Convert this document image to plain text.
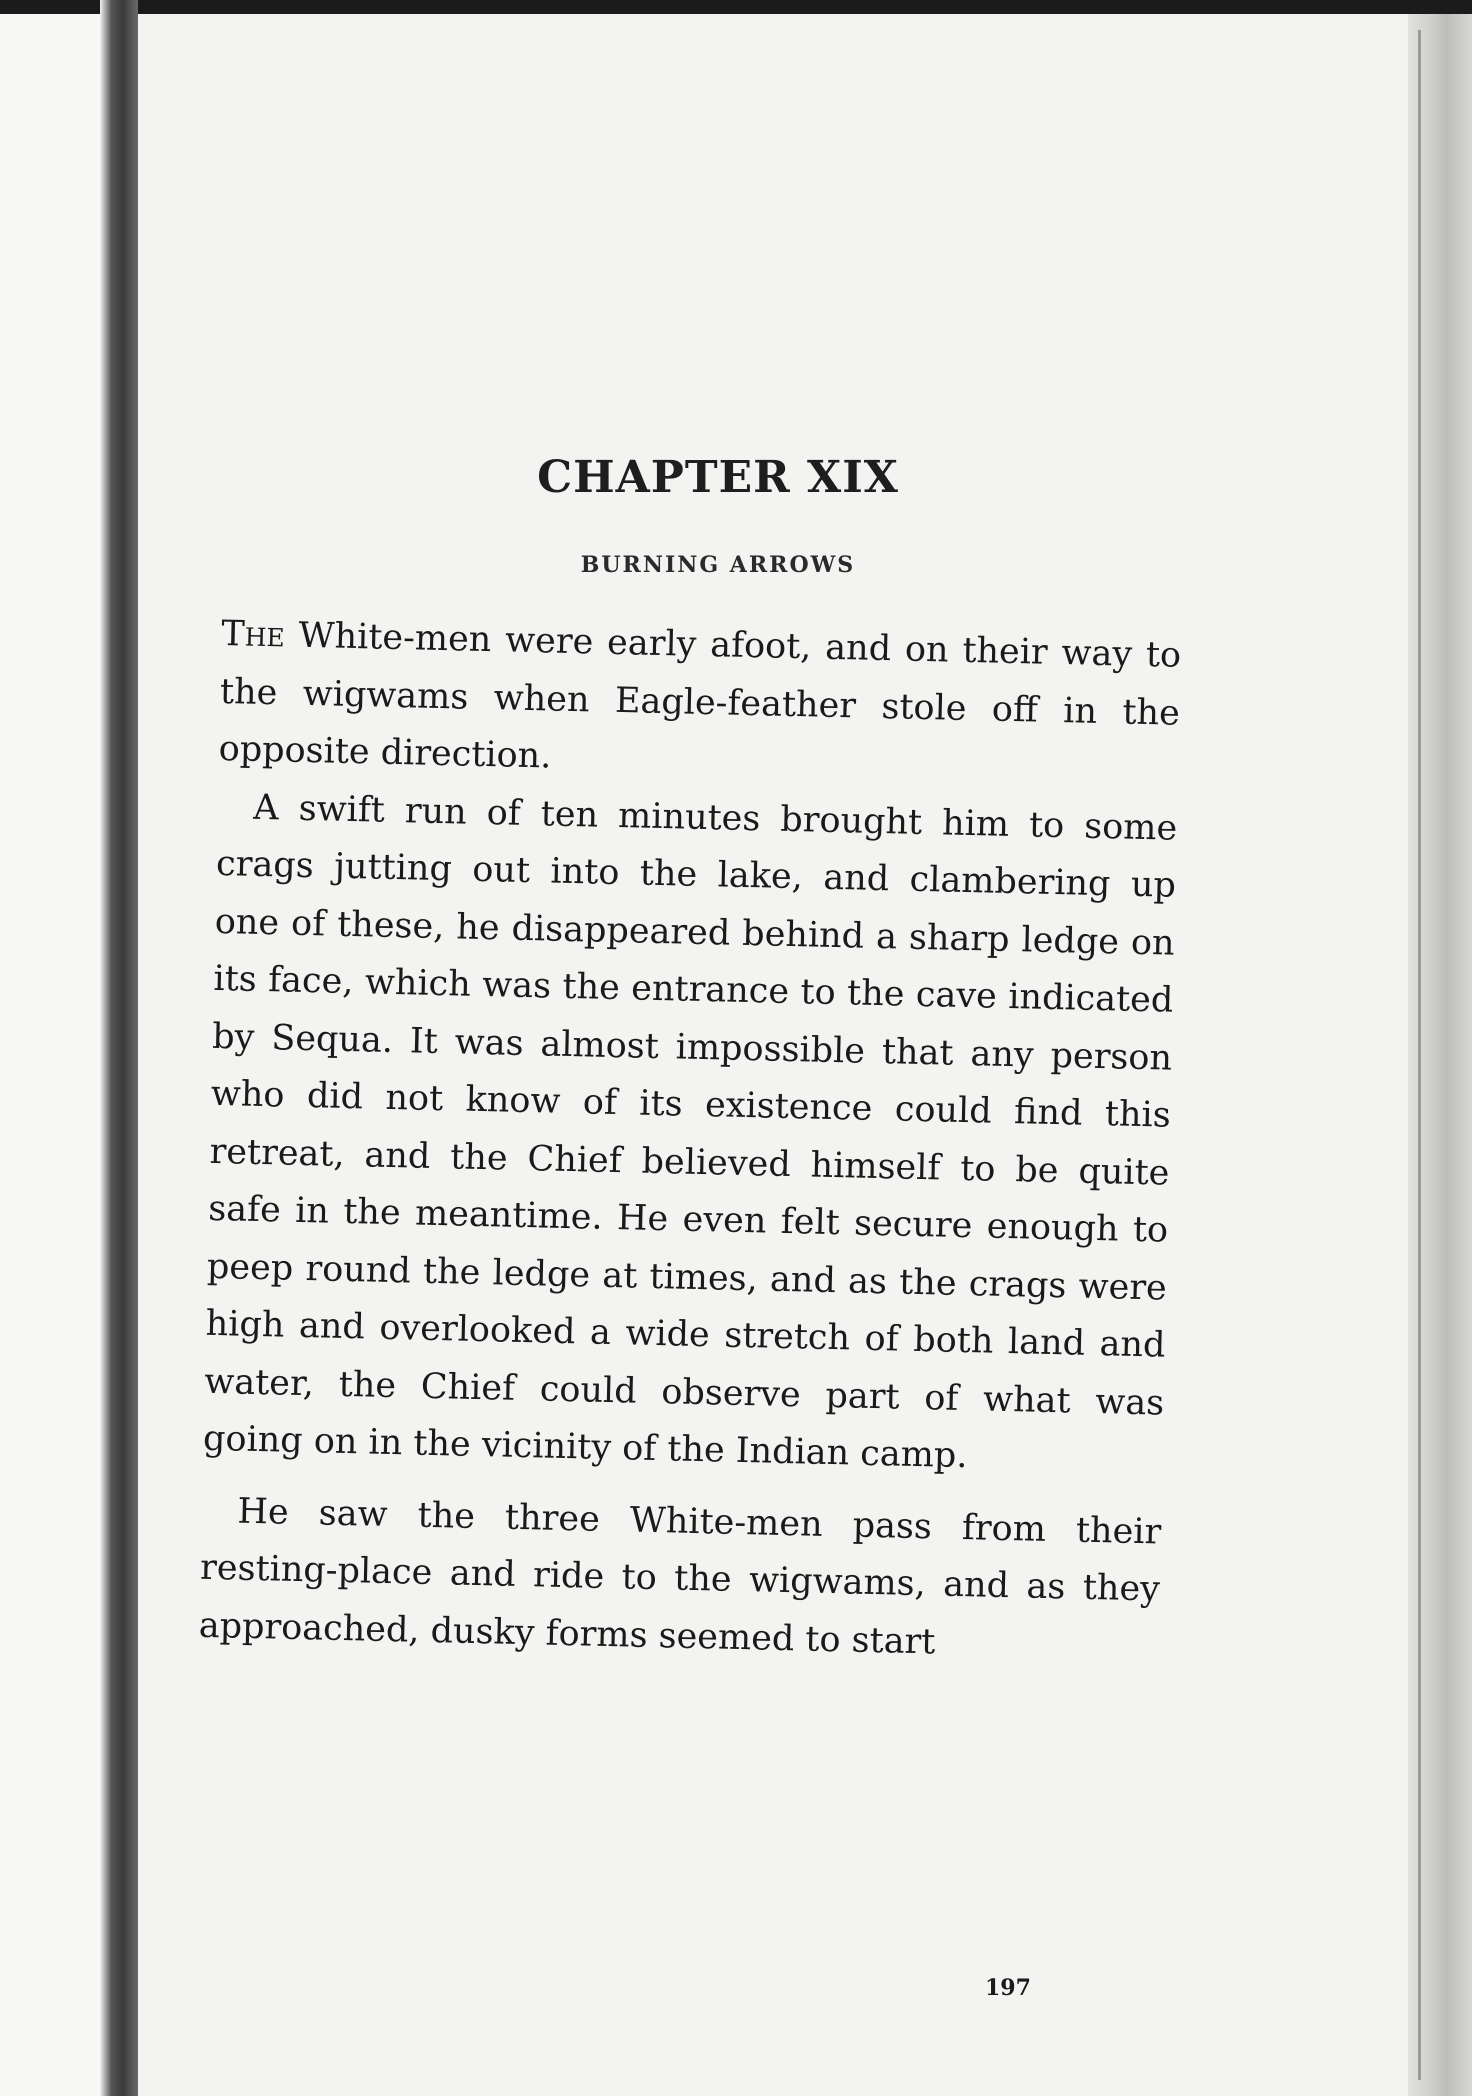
CHAPTER XIX
BURNING ARROWS

The White-men were early afoot, and on their way to the wigwams when Eagle-feather stole off in the opposite direction.

A swift run of ten minutes brought him to some crags jutting out into the lake, and clambering up one of these, he disappeared behind a sharp ledge on its face, which was the entrance to the cave indicated by Sequa. It was almost impossible that any person who did not know of its existence could find this retreat, and the Chief believed himself to be quite safe in the meantime. He even felt secure enough to peep round the ledge at times, and as the crags were high and overlooked a wide stretch of both land and water, the Chief could observe part of what was going on in the vicinity of the Indian camp.

He saw the three White-men pass from their resting-place and ride to the wigwams, and as they approached, dusky forms seemed to start

197
